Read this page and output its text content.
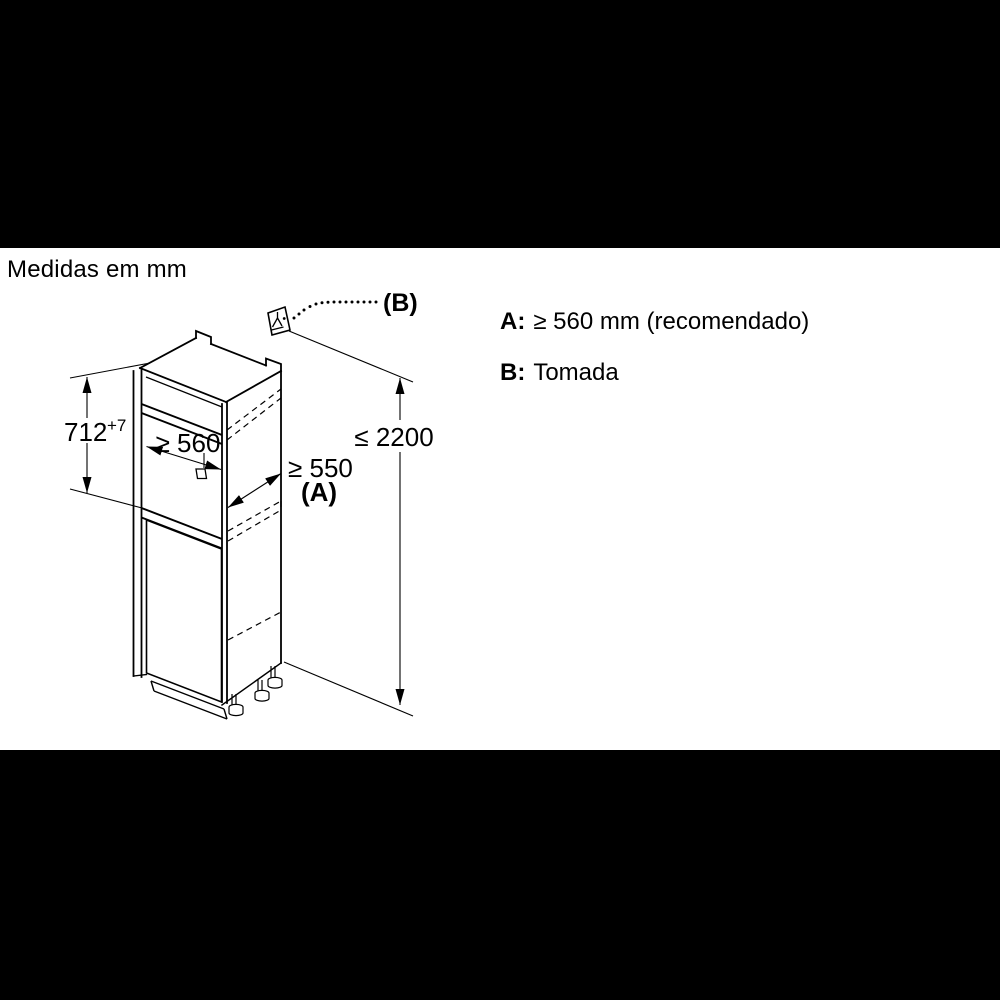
712 +7
≥ 560
≥ 550
(A)
≤ 2200
(B)
Medidas em mm
A: ≥ 560 mm (recomendado)
B: Tomada
